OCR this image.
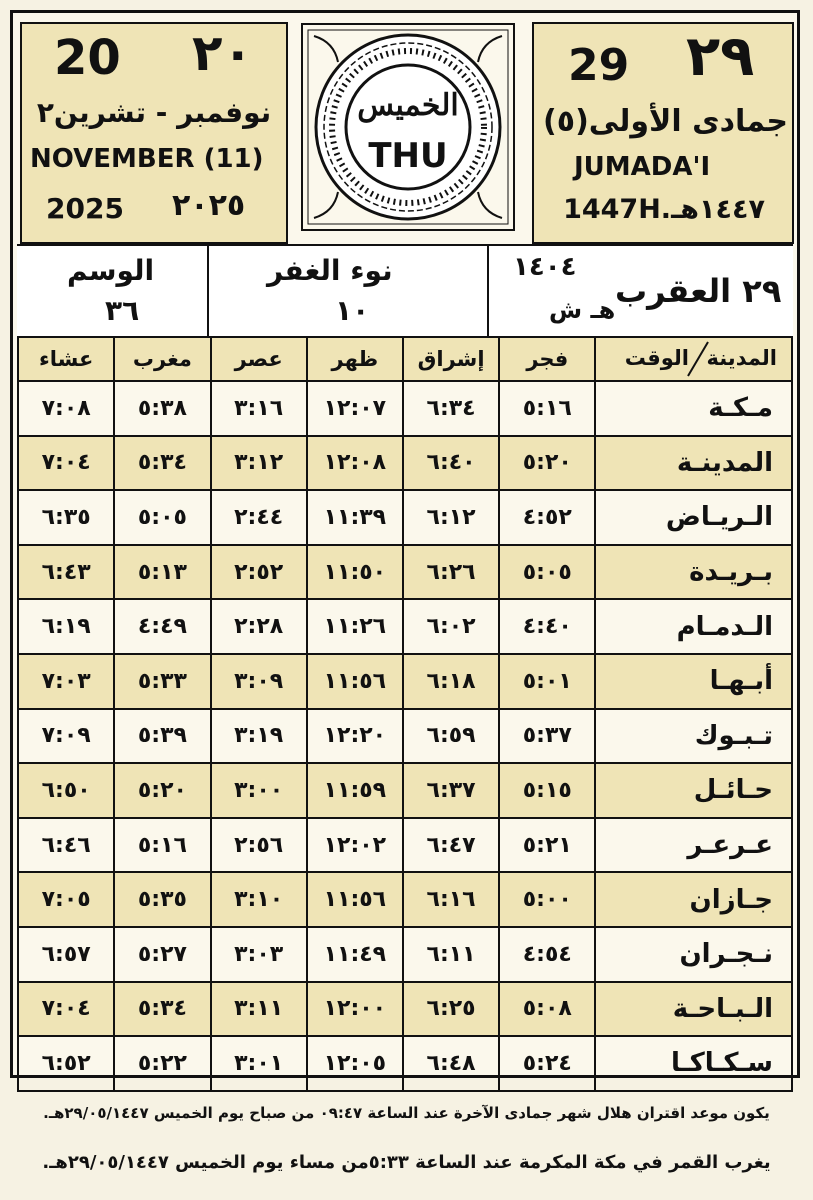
20 ٢٠
نوفمبر - تشرين٢
NOVEMBER (11)
2025 ٢٠٢٥
الخميس
THU
29 ٢٩
جمادى الأولى(٥)
JUMADA'I
1447H.١٤٤٧هـ
الوسم
٣٦
نوء الغفر
١٠
١٤٠٤
هـ ش ٢٩ العقرب
المدينة
الوقت	فجر	إشراق	ظهر	عصر	مغرب	عشاء
مـكـة	٥:١٦	٦:٣٤	١٢:٠٧	٣:١٦	٥:٣٨	٧:٠٨
المدينـة	٥:٢٠	٦:٤٠	١٢:٠٨	٣:١٢	٥:٣٤	٧:٠٤
الـريـاض	٤:٥٢	٦:١٢	١١:٣٩	٢:٤٤	٥:٠٥	٦:٣٥
بـريـدة	٥:٠٥	٦:٢٦	١١:٥٠	٢:٥٢	٥:١٣	٦:٤٣
الـدمـام	٤:٤٠	٦:٠٢	١١:٢٦	٢:٢٨	٤:٤٩	٦:١٩
أبـهـا	٥:٠١	٦:١٨	١١:٥٦	٣:٠٩	٥:٣٣	٧:٠٣
تـبـوك	٥:٣٧	٦:٥٩	١٢:٢٠	٣:١٩	٥:٣٩	٧:٠٩
حـائـل	٥:١٥	٦:٣٧	١١:٥٩	٣:٠٠	٥:٢٠	٦:٥٠
عـرعـر	٥:٢١	٦:٤٧	١٢:٠٢	٢:٥٦	٥:١٦	٦:٤٦
جـازان	٥:٠٠	٦:١٦	١١:٥٦	٣:١٠	٥:٣٥	٧:٠٥
نـجـران	٤:٥٤	٦:١١	١١:٤٩	٣:٠٣	٥:٢٧	٦:٥٧
الـبـاحـة	٥:٠٨	٦:٢٥	١٢:٠٠	٣:١١	٥:٣٤	٧:٠٤
سـكـاكـا	٥:٢٤	٦:٤٨	١٢:٠٥	٣:٠١	٥:٢٢	٦:٥٢
يكون موعد اقتران هلال شهر جمادى الآخرة عند الساعة ٠٩:٤٧ من صباح يوم الخميس ٢٩/٠٥/١٤٤٧هـ.
يغرب القمر في مكة المكرمة عند الساعة ٥:٣٣من مساء يوم الخميس ٢٩/٠٥/١٤٤٧هـ.
